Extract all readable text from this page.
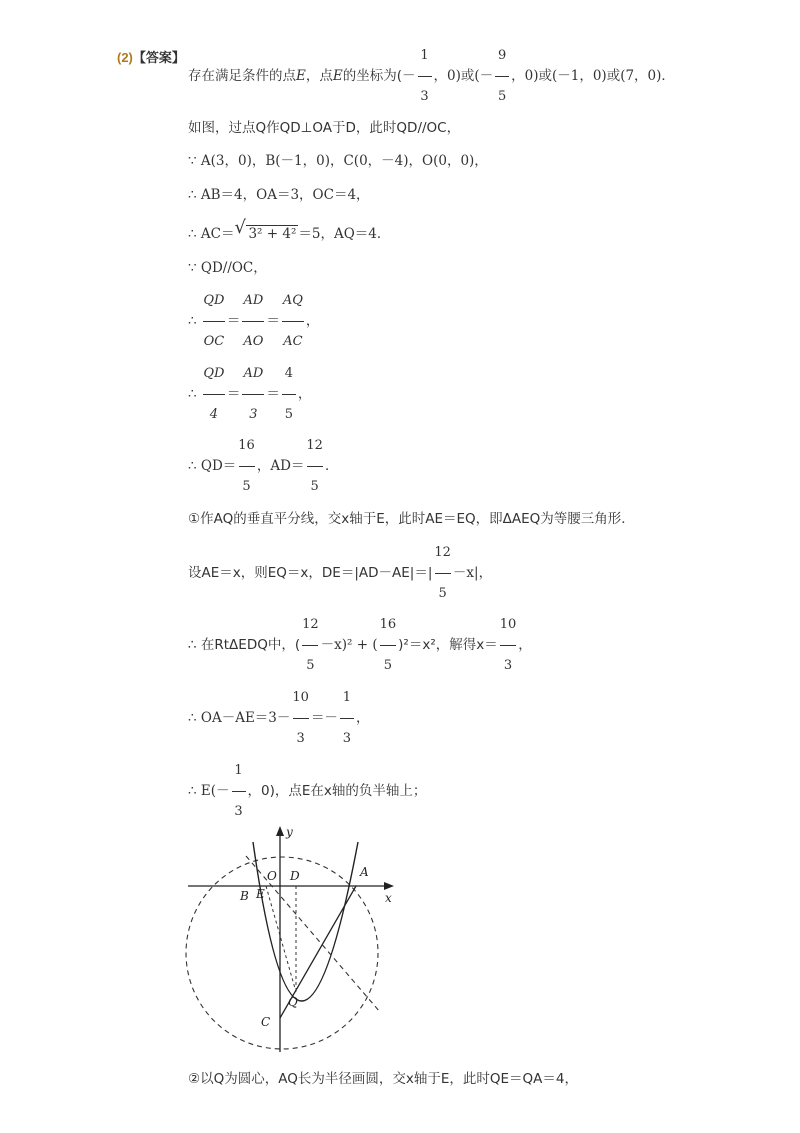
(2)【答案】
存在满足条件的点E，点E的坐标为(－ $\frac{1}{3}$ ，0)或(－ $\frac{9}{5}$ ，0)或(－1，0)或(7，0)．
如图，过点Q作QD⊥OA于D，此时QD//OC，
∵ A(3，0)，B(－1，0)，C(0，－4)，O(0，0)，
∴ AB＝4，OA＝3，OC＝4，
∴ AC＝ √ 3² + 4² ＝5，AQ＝4．
∵ QD//OC，
∴ $\frac{QD}{OC} = \frac{AD}{AO} = \frac{AQ}{AC}$ ，
∴ $\frac{QD}{4} = \frac{AD}{3} = \frac{4}{5}$ ，
∴ $QD= \frac{16}{5}$ ，$AD= \frac{12}{5}$ ．
①作AQ的垂直平分线，交x轴于E，此时AE＝EQ，即ΔAEQ为等腰三角形．
设AE＝x，则EQ＝x，$DE=|AD-AE|=| \frac{12}{5} -x|$，
∴ 在RtΔEDQ中，( $\frac{12}{5} -x)^2$ + ( $\frac{16}{5} )^2=x^2$，解得$x= \frac{10}{3}$ ，
∴ $OA-AE=3- \frac{10}{3} =- \frac{1}{3}$ ，
∴ $E(- \frac{1}{3}$ ，0)，点E在x轴的负半轴上；
y
x
O D	A
B E
Q
C
②以Q为圆心，AQ长为半径画圆，交x轴于E，此时QE＝QA＝4，
